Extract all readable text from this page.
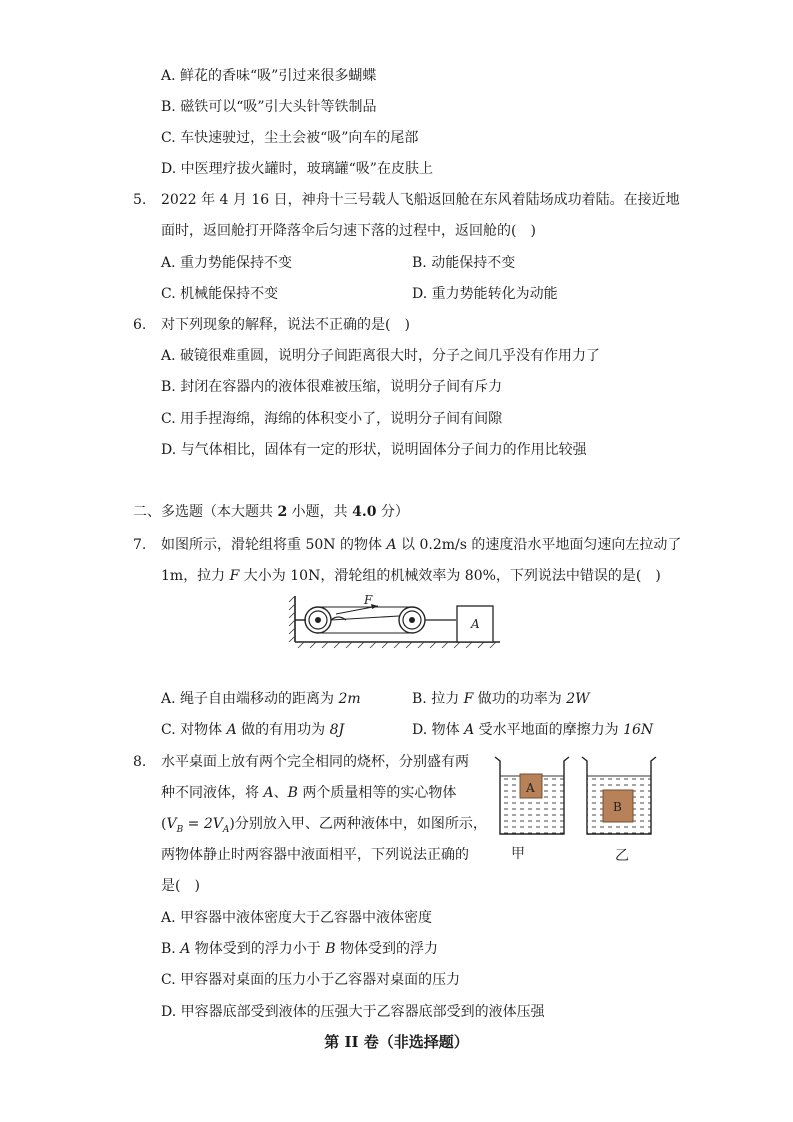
A. 鲜花的香味“吸”引过来很多蝴蝶
B. 磁铁可以“吸”引大头针等铁制品
C. 车快速驶过，尘土会被“吸”向车的尾部
D. 中医理疗拔火罐时，玻璃罐“吸”在皮肤上
5. 2022 年 4 月 16 日，神舟十三号载人飞船返回舱在东风着陆场成功着陆。在接近地
面时，返回舱打开降落伞后匀速下落的过程中，返回舱的(　)
A. 重力势能保持不变	B. 动能保持不变
C. 机械能保持不变	D. 重力势能转化为动能
6. 对下列现象的解释，说法不正确的是(　)
A. 破镜很难重圆，说明分子间距离很大时，分子之间几乎没有作用力了
B. 封闭在容器内的液体很难被压缩，说明分子间有斥力
C. 用手捏海绵，海绵的体积变小了，说明分子间有间隙
D. 与气体相比，固体有一定的形状，说明固体分子间力的作用比较强
二、多选题（本大题共 2 小题，共 4.0 分）
7. 如图所示，滑轮组将重 50N 的物体 A 以 0.2m/s 的速度沿水平地面匀速向左拉动了
1m，拉力 F 大小为 10N，滑轮组的机械效率为 80%，下列说法中错误的是(　)
F
A
A. 绳子自由端移动的距离为 2m	B. 拉力 F 做功的功率为 2W
C. 对物体 A 做的有用功为 8J	D. 物体 A 受水平地面的摩擦力为 16N
8. 水平桌面上放有两个完全相同的烧杯，分别盛有两
种不同液体，将 A、B 两个质量相等的实心物体
$(V_B = 2V_A)$分别放入甲、乙两种液体中，如图所示，
两物体静止时两容器中液面相平，下列说法正确的
是(　)
A
B
甲	乙
A. 甲容器中液体密度大于乙容器中液体密度
B. A 物体受到的浮力小于 B 物体受到的浮力
C. 甲容器对桌面的压力小于乙容器对桌面的压力
D. 甲容器底部受到液体的压强大于乙容器底部受到的液体压强
第 II 卷（非选择题）
